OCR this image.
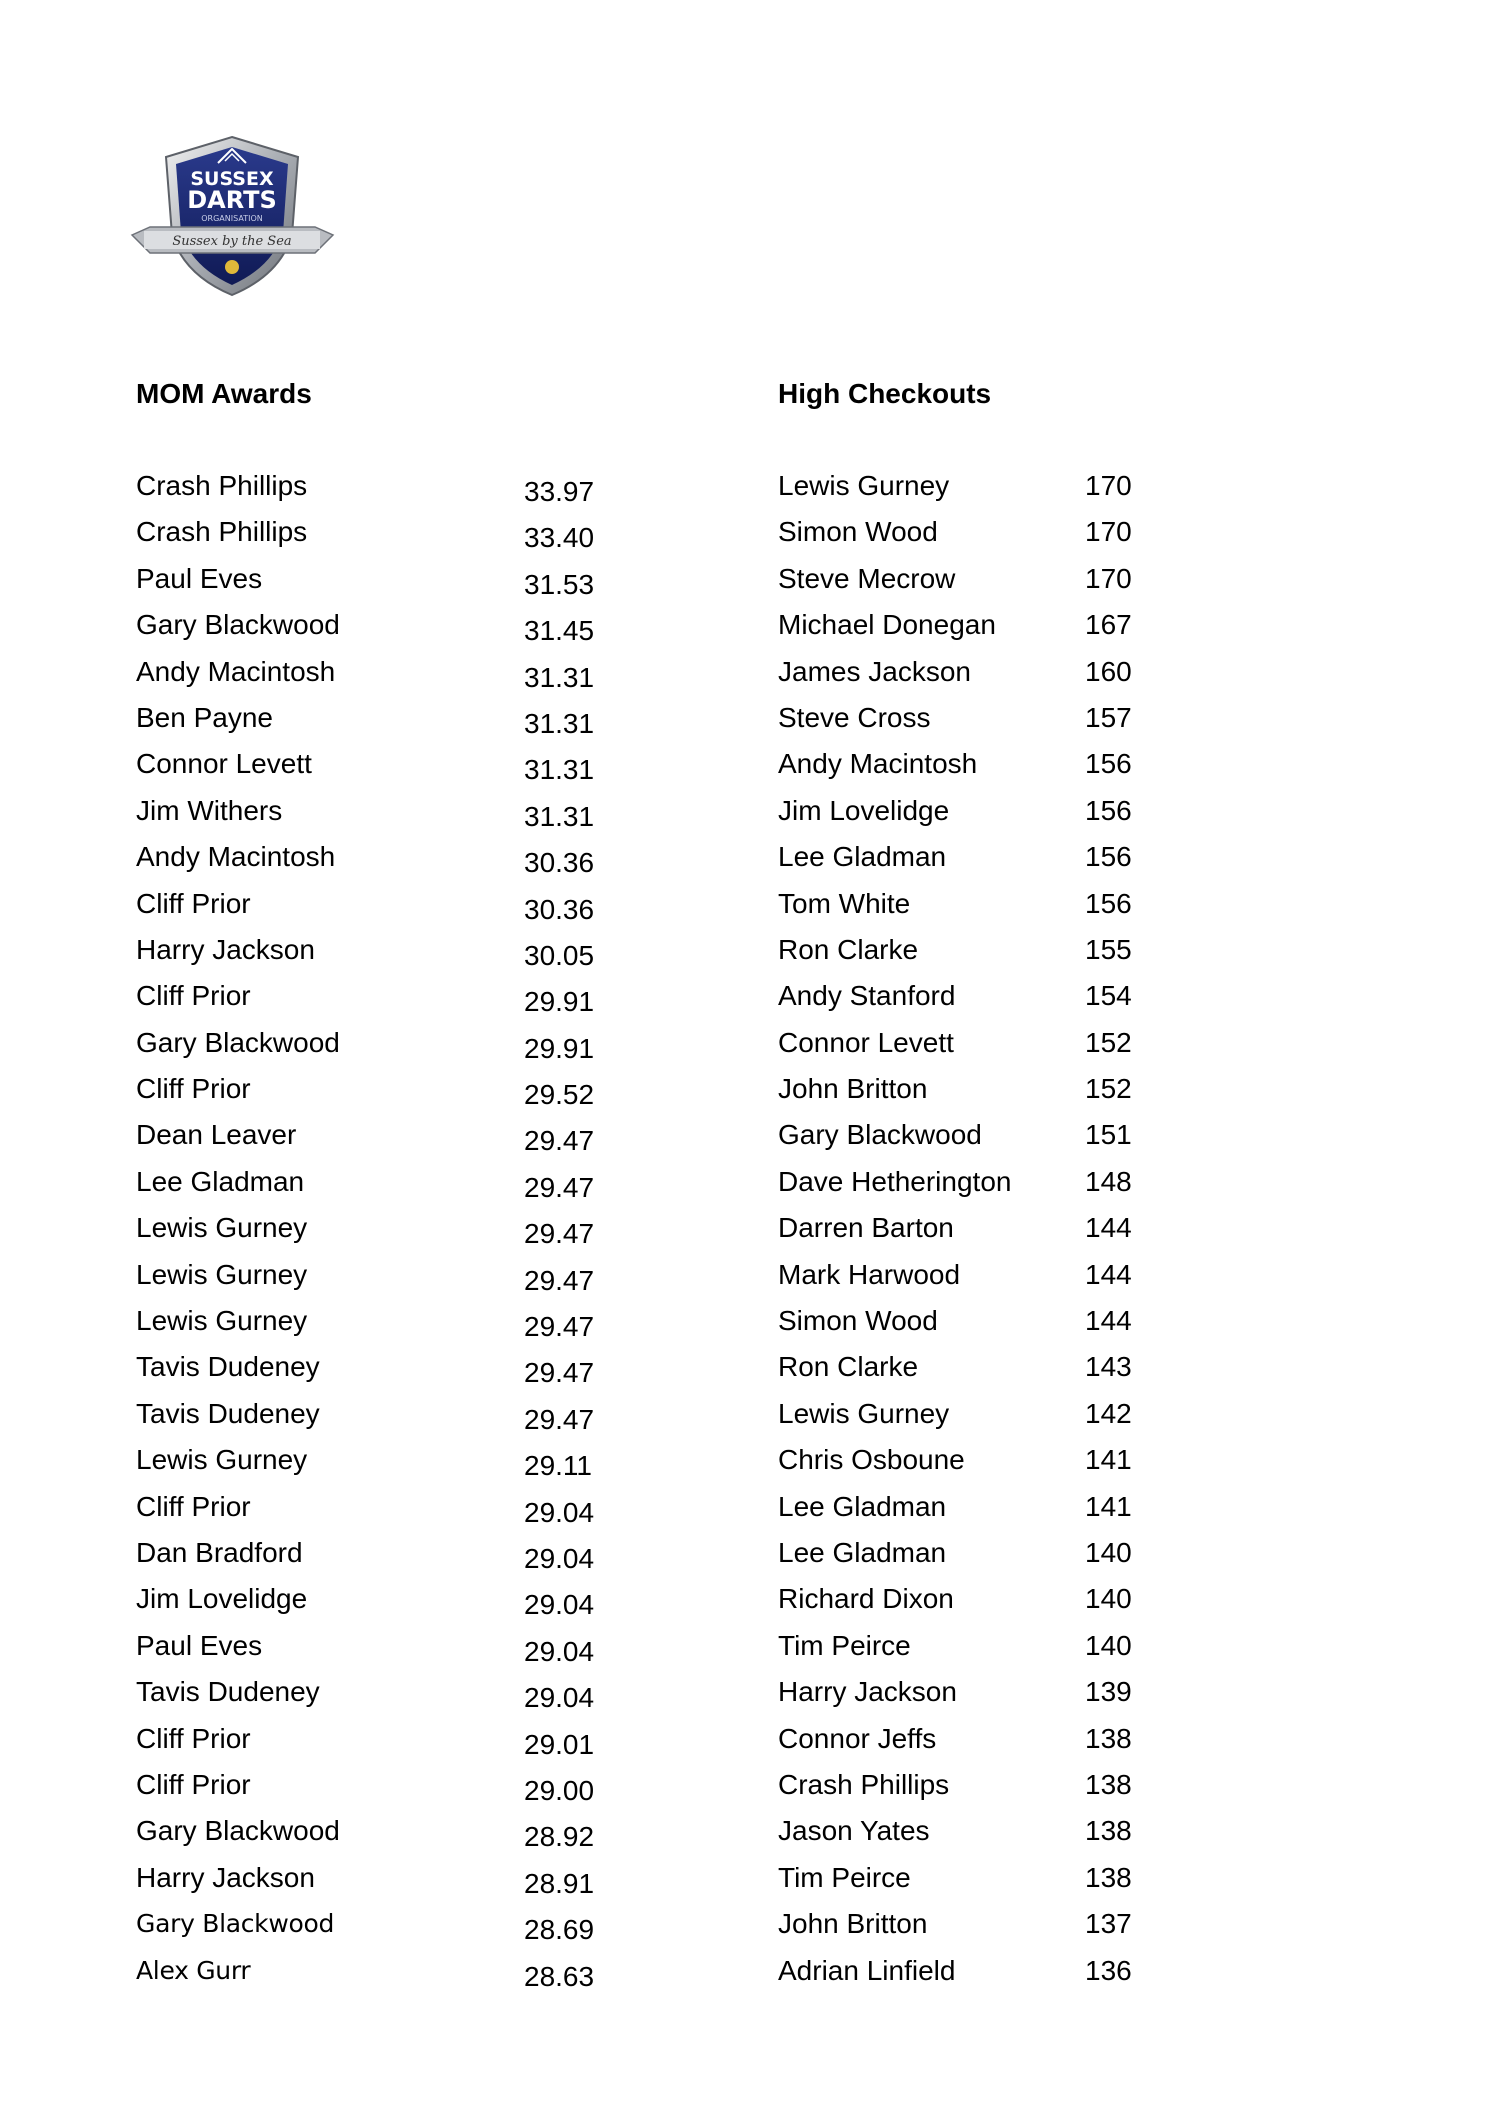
SUSSEX
DARTS
ORGANISATION
Sussex by the Sea
MOM Awards	High Checkouts
Crash Phillips	33.97
Crash Phillips	33.40
Paul Eves	31.53
Gary Blackwood	31.45
Andy Macintosh	31.31
Ben Payne	31.31
Connor Levett	31.31
Jim Withers	31.31
Andy Macintosh	30.36
Cliff Prior	30.36
Harry Jackson	30.05
Cliff Prior	29.91
Gary Blackwood	29.91
Cliff Prior	29.52
Dean Leaver	29.47
Lee Gladman	29.47
Lewis Gurney	29.47
Lewis Gurney	29.47
Lewis Gurney	29.47
Tavis Dudeney	29.47
Tavis Dudeney	29.47
Lewis Gurney	29.11
Cliff Prior	29.04
Dan Bradford	29.04
Jim Lovelidge	29.04
Paul Eves	29.04
Tavis Dudeney	29.04
Cliff Prior	29.01
Cliff Prior	29.00
Gary Blackwood	28.92
Harry Jackson	28.91
Gary Blackwood	28.69
Alex Gurr	28.63
Lewis Gurney	170
Simon Wood	170
Steve Mecrow	170
Michael Donegan	167
James Jackson	160
Steve Cross	157
Andy Macintosh	156
Jim Lovelidge	156
Lee Gladman	156
Tom White	156
Ron Clarke	155
Andy Stanford	154
Connor Levett	152
John Britton	152
Gary Blackwood	151
Dave Hetherington	148
Darren Barton	144
Mark Harwood	144
Simon Wood	144
Ron Clarke	143
Lewis Gurney	142
Chris Osboune	141
Lee Gladman	141
Lee Gladman	140
Richard Dixon	140
Tim Peirce	140
Harry Jackson	139
Connor Jeffs	138
Crash Phillips	138
Jason Yates	138
Tim Peirce	138
John Britton	137
Adrian Linfield	136
